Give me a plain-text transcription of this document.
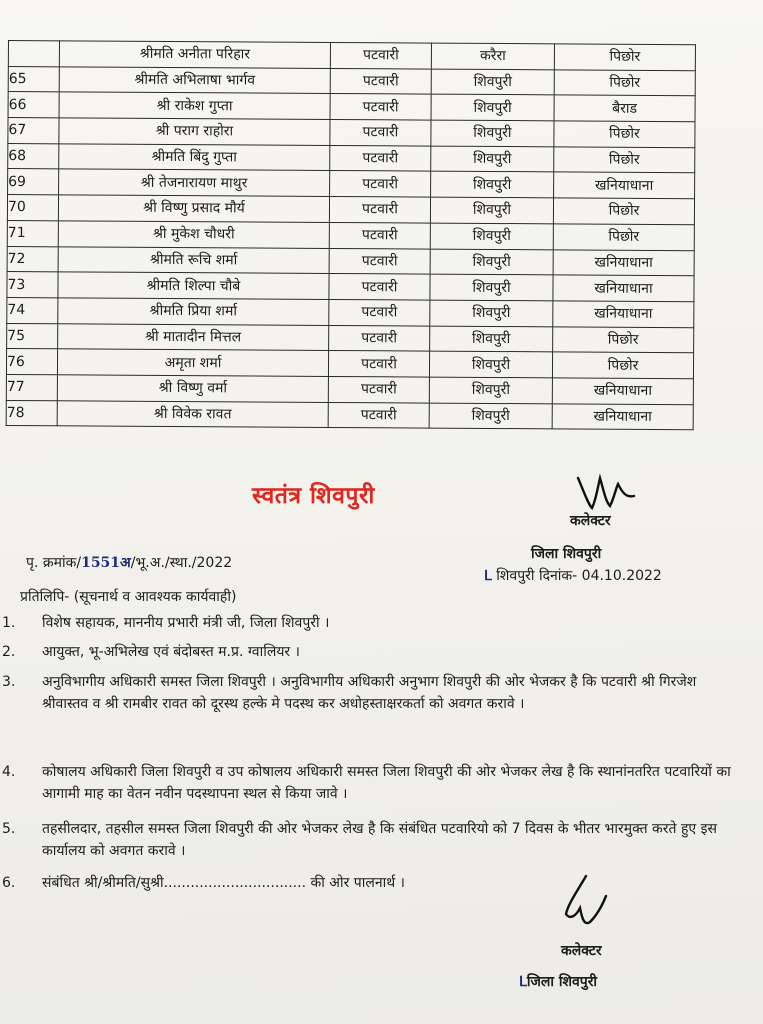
	श्रीमति अनीता परिहार	पटवारी	करैरा	पिछोर
65	श्रीमति अभिलाषा भार्गव	पटवारी	शिवपुरी	पिछोर
66	श्री राकेश गुप्ता	पटवारी	शिवपुरी	बैराड
67	श्री पराग राहोरा	पटवारी	शिवपुरी	पिछोर
68	श्रीमति बिंदु गुप्ता	पटवारी	शिवपुरी	पिछोर
69	श्री तेजनारायण माथुर	पटवारी	शिवपुरी	खनियाधाना
70	श्री विष्णु प्रसाद मौर्य	पटवारी	शिवपुरी	पिछोर
71	श्री मुकेश चौधरी	पटवारी	शिवपुरी	पिछोर
72	श्रीमति रूचि शर्मा	पटवारी	शिवपुरी	खनियाधाना
73	श्रीमति शिल्पा चौबे	पटवारी	शिवपुरी	खनियाधाना
74	श्रीमति प्रिया शर्मा	पटवारी	शिवपुरी	खनियाधाना
75	श्री मातादीन मित्तल	पटवारी	शिवपुरी	पिछोर
76	अमृता शर्मा	पटवारी	शिवपुरी	पिछोर
77	श्री विष्णु वर्मा	पटवारी	शिवपुरी	खनियाधाना
78	श्री विवेक रावत	पटवारी	शिवपुरी	खनियाधाना
स्वतंत्र शिवपुरी
कलेक्टर
जिला शिवपुरी
पृ. क्रमांक/1551अ/भू.अ./स्था./2022
ᒪ शिवपुरी दिनांक- 04.10.2022
प्रतिलिपि- (सूचनार्थ व आवश्यक कार्यवाही)
1. विशेष सहायक, माननीय प्रभारी मंत्री जी, जिला शिवपुरी ।
2. आयुक्त, भू-अभिलेख एवं बंदोबस्त म.प्र. ग्वालियर ।
3. अनुविभागीय अधिकारी समस्त जिला शिवपुरी । अनुविभागीय अधिकारी अनुभाग शिवपुरी की ओर भेजकर है कि पटवारी श्री गिरजेश श्रीवास्तव व श्री रामबीर रावत को दूरस्थ हल्के मे पदस्थ कर अधोहस्ताक्षरकर्ता को अवगत करावे ।
4. कोषालय अधिकारी जिला शिवपुरी व उप कोषालय अधिकारी समस्त जिला शिवपुरी की ओर भेजकर लेख है कि स्थानांनतरित पटवारियों का आगामी माह का वेतन नवीन पदस्थापना स्थल से किया जावे ।
5. तहसीलदार, तहसील समस्त जिला शिवपुरी की ओर भेजकर लेख है कि संबंधित पटवारियो को 7 दिवस के भीतर भारमुक्त करते हुए इस कार्यालय को अवगत करावे ।
6. संबंधित श्री/श्रीमति/सुश्री................................ की ओर पालनार्थ ।
कलेक्टर
ᒪजिला शिवपुरी
